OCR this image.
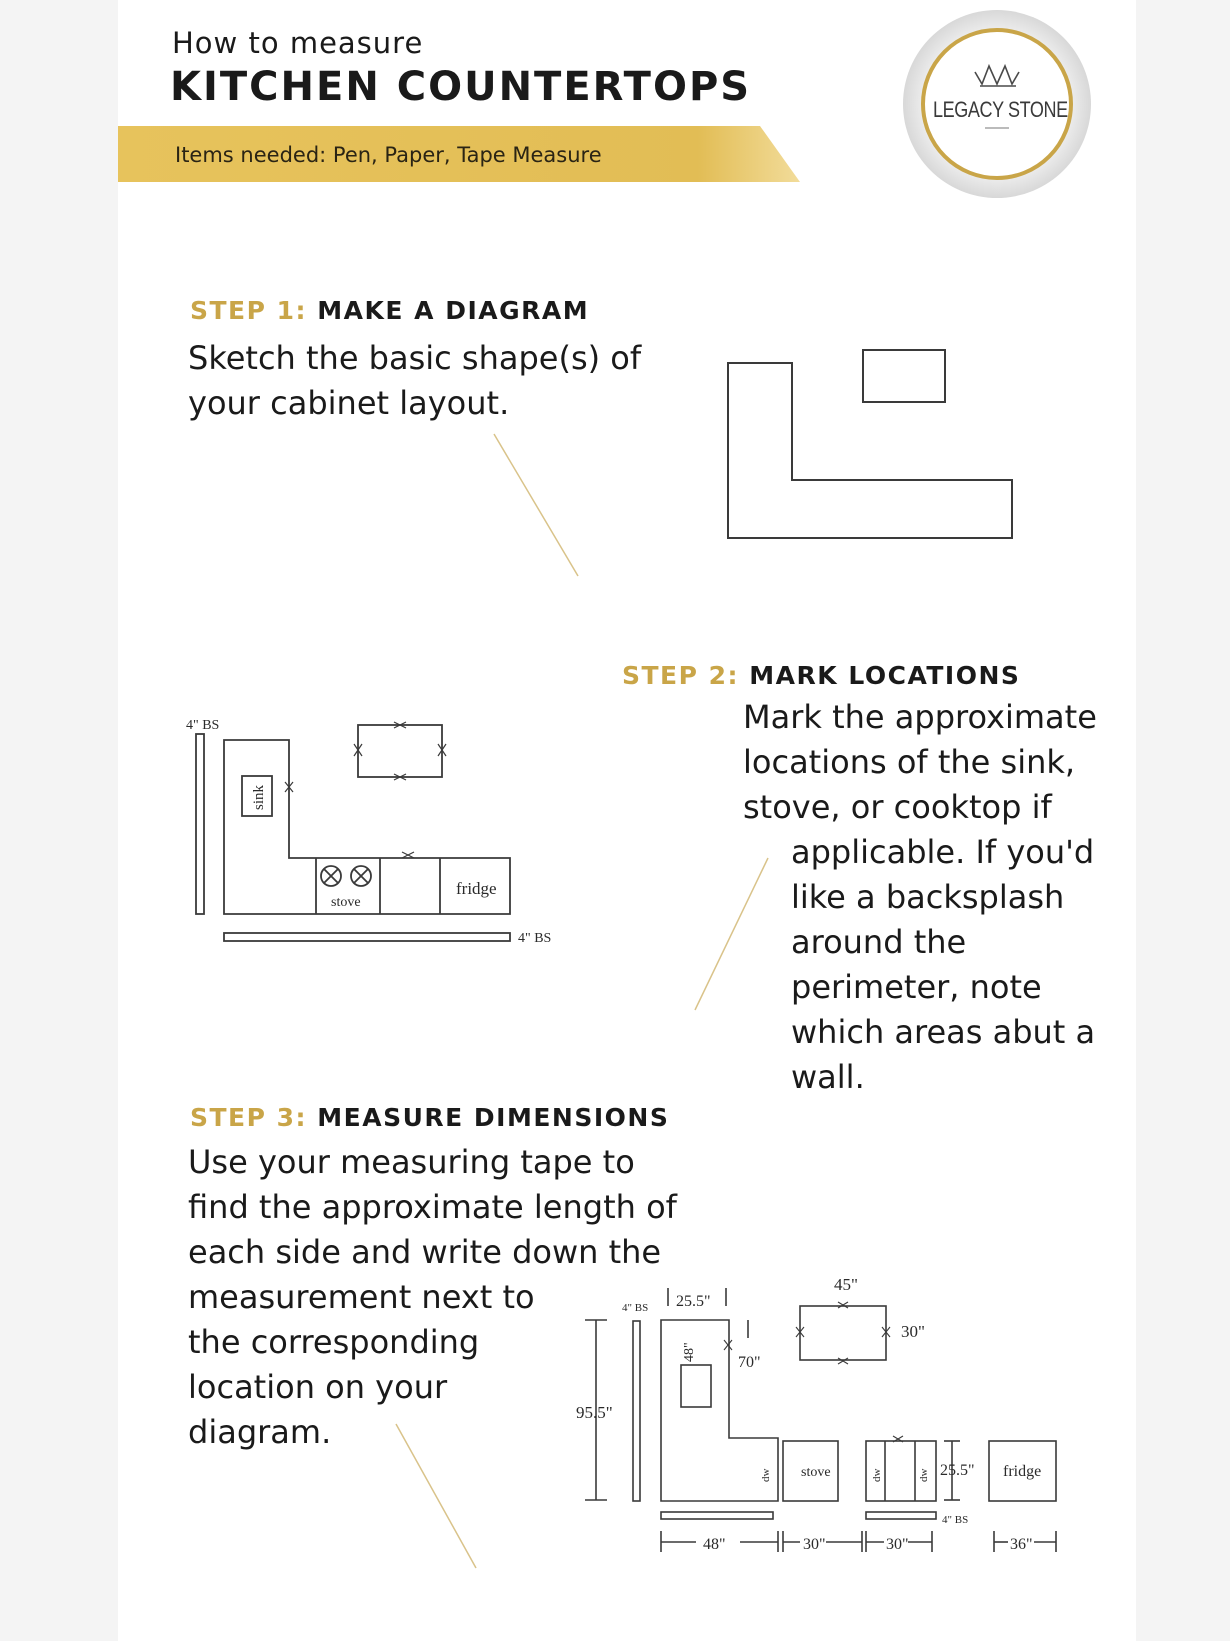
How to measure
KITCHEN COUNTERTOPS
Items needed: Pen, Paper, Tape Measure
LEGACY STONE
STEP 1: MAKE A DIAGRAM
Sketch the basic shape(s) of
your cabinet layout.
STEP 2: MARK LOCATIONS
Mark the approximate
locations of the sink,
stove, or cooktop if
applicable. If you'd
like a backsplash
around the
perimeter, note
which areas abut a
wall.
STEP 3: MEASURE DIMENSIONS
Use your measuring tape to
find the approximate length of
each side and write down the
measurement next to
the corresponding
location on your
diagram.
4" BS
4" BS
sink
stove
fridge
4" BS 25.5"
48"
70"
95.5"
45"
30"
dw stove	dw	dw 25.5" fridge
4" BS
48"	30"	30"	36"
